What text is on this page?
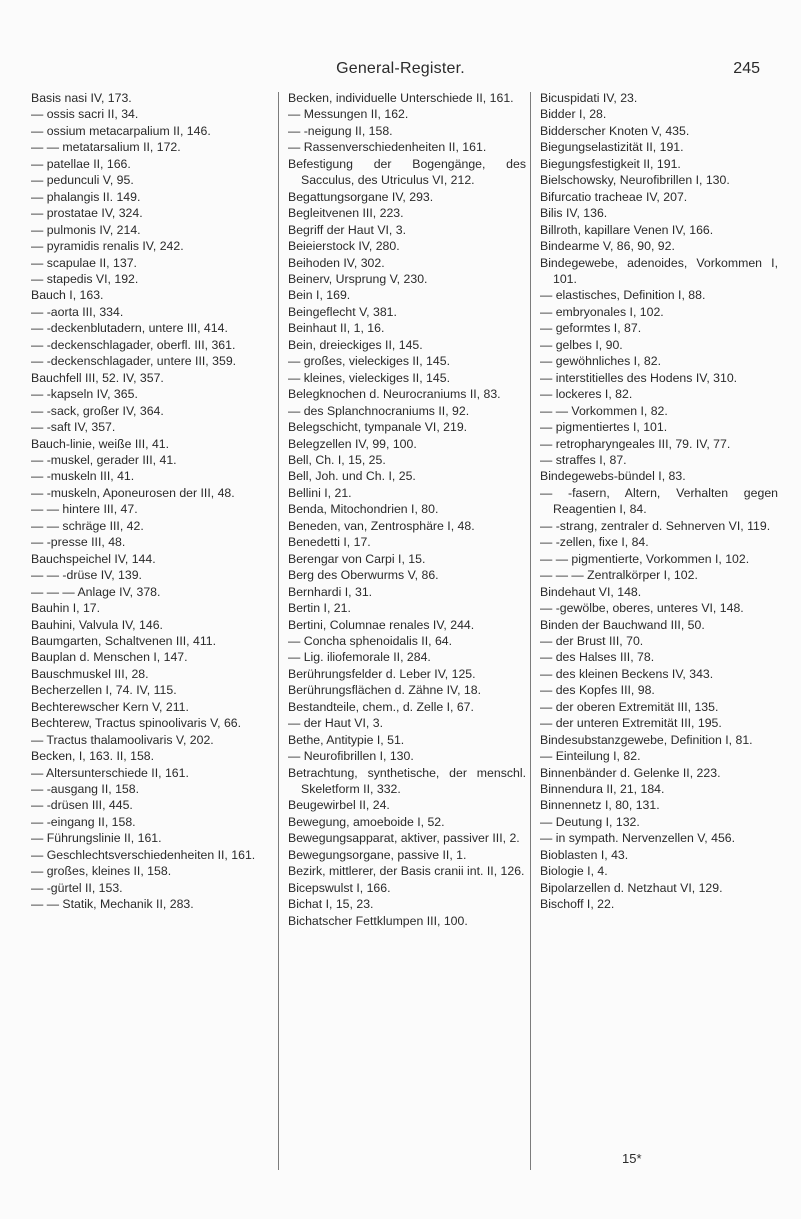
General-Register.	245
Basis nasi IV, 173.
— ossis sacri II, 34.
— ossium metacarpalium II, 146.
— — metatarsalium II, 172.
— patellae II, 166.
— pedunculi V, 95.
— phalangis II. 149.
— prostatae IV, 324.
— pulmonis IV, 214.
— pyramidis renalis IV, 242.
— scapulae II, 137.
— stapedis VI, 192.
Bauch I, 163.
— -aorta III, 334.
— -deckenblutadern, untere III, 414.
— -deckenschlagader, oberfl. III, 361.
— -deckenschlagader, untere III, 359.
Bauchfell III, 52. IV, 357.
— -kapseln IV, 365.
— -sack, großer IV, 364.
— -saft IV, 357.
Bauch-linie, weiße III, 41.
— -muskel, gerader III, 41.
— -muskeln III, 41.
— -muskeln, Aponeurosen der III, 48.
— — hintere III, 47.
— — schräge III, 42.
— -presse III, 48.
Bauchspeichel IV, 144.
— — -drüse IV, 139.
— — — Anlage IV, 378.
Bauhin I, 17.
Bauhini, Valvula IV, 146.
Baumgarten, Schaltvenen III, 411.
Bauplan d. Menschen I, 147.
Bauschmuskel III, 28.
Becherzellen I, 74. IV, 115.
Bechterewscher Kern V, 211.
Bechterew, Tractus spinoolivaris V, 66.
— Tractus thalamoolivaris V, 202.
Becken, I, 163. II, 158.
— Altersunterschiede II, 161.
— -ausgang II, 158.
— -drüsen III, 445.
— -eingang II, 158.
— Führungslinie II, 161.
— Geschlechtsverschiedenheiten II, 161.
— großes, kleines II, 158.
— -gürtel II, 153.
— — Statik, Mechanik II, 283.
Becken, individuelle Unterschiede II, 161.
— Messungen II, 162.
— -neigung II, 158.
— Rassenverschiedenheiten II, 161.
Befestigung der Bogengänge, des Sacculus, des Utriculus VI, 212.
Begattungsorgane IV, 293.
Begleitvenen III, 223.
Begriff der Haut VI, 3.
Beieierstock IV, 280.
Beihoden IV, 302.
Beinerv, Ursprung V, 230.
Bein I, 169.
Beingeflecht V, 381.
Beinhaut II, 1, 16.
Bein, dreieckiges II, 145.
— großes, vieleckiges II, 145.
— kleines, vieleckiges II, 145.
Belegknochen d. Neurocraniums II, 83.
— des Splanchnocraniums II, 92.
Belegschicht, tympanale VI, 219.
Belegzellen IV, 99, 100.
Bell, Ch. I, 15, 25.
Bell, Joh. und Ch. I, 25.
Bellini I, 21.
Benda, Mitochondrien I, 80.
Beneden, van, Zentrosphäre I, 48.
Benedetti I, 17.
Berengar von Carpi I, 15.
Berg des Oberwurms V, 86.
Bernhardi I, 31.
Bertin I, 21.
Bertini, Columnae renales IV, 244.
— Concha sphenoidalis II, 64.
— Lig. iliofemorale II, 284.
Berührungsfelder d. Leber IV, 125.
Berührungsflächen d. Zähne IV, 18.
Bestandteile, chem., d. Zelle I, 67.
— der Haut VI, 3.
Bethe, Antitypie I, 51.
— Neurofibrillen I, 130.
Betrachtung, synthetische, der menschl. Skeletform II, 332.
Beugewirbel II, 24.
Bewegung, amoeboide I, 52.
Bewegungsapparat, aktiver, passiver III, 2.
Bewegungsorgane, passive II, 1.
Bezirk, mittlerer, der Basis cranii int. II, 126.
Bicepswulst I, 166.
Bichat I, 15, 23.
Bichatscher Fettklumpen III, 100.
Bicuspidati IV, 23.
Bidder I, 28.
Bidderscher Knoten V, 435.
Biegungselastizität II, 191.
Biegungsfestigkeit II, 191.
Bielschowsky, Neurofibrillen I, 130.
Bifurcatio tracheae IV, 207.
Bilis IV, 136.
Billroth, kapillare Venen IV, 166.
Bindearme V, 86, 90, 92.
Bindegewebe, adenoides, Vorkommen I, 101.
— elastisches, Definition I, 88.
— embryonales I, 102.
— geformtes I, 87.
— gelbes I, 90.
— gewöhnliches I, 82.
— interstitielles des Hodens IV, 310.
— lockeres I, 82.
— — Vorkommen I, 82.
— pigmentiertes I, 101.
— retropharyngeales III, 79. IV, 77.
— straffes I, 87.
Bindegewebs-bündel I, 83.
— -fasern, Altern, Verhalten gegen Reagentien I, 84.
— -strang, zentraler d. Sehnerven VI, 119.
— -zellen, fixe I, 84.
— — pigmentierte, Vorkommen I, 102.
— — — Zentralkörper I, 102.
Bindehaut VI, 148.
— -gewölbe, oberes, unteres VI, 148.
Binden der Bauchwand III, 50.
— der Brust III, 70.
— des Halses III, 78.
— des kleinen Beckens IV, 343.
— des Kopfes III, 98.
— der oberen Extremität III, 135.
— der unteren Extremität III, 195.
Bindesubstanzgewebe, Definition I, 81.
— Einteilung I, 82.
Binnenbänder d. Gelenke II, 223.
Binnendura II, 21, 184.
Binnennetz I, 80, 131.
— Deutung I, 132.
— in sympath. Nervenzellen V, 456.
Bioblasten I, 43.
Biologie I, 4.
Bipolarzellen d. Netzhaut VI, 129.
Bischoff I, 22.
15*
